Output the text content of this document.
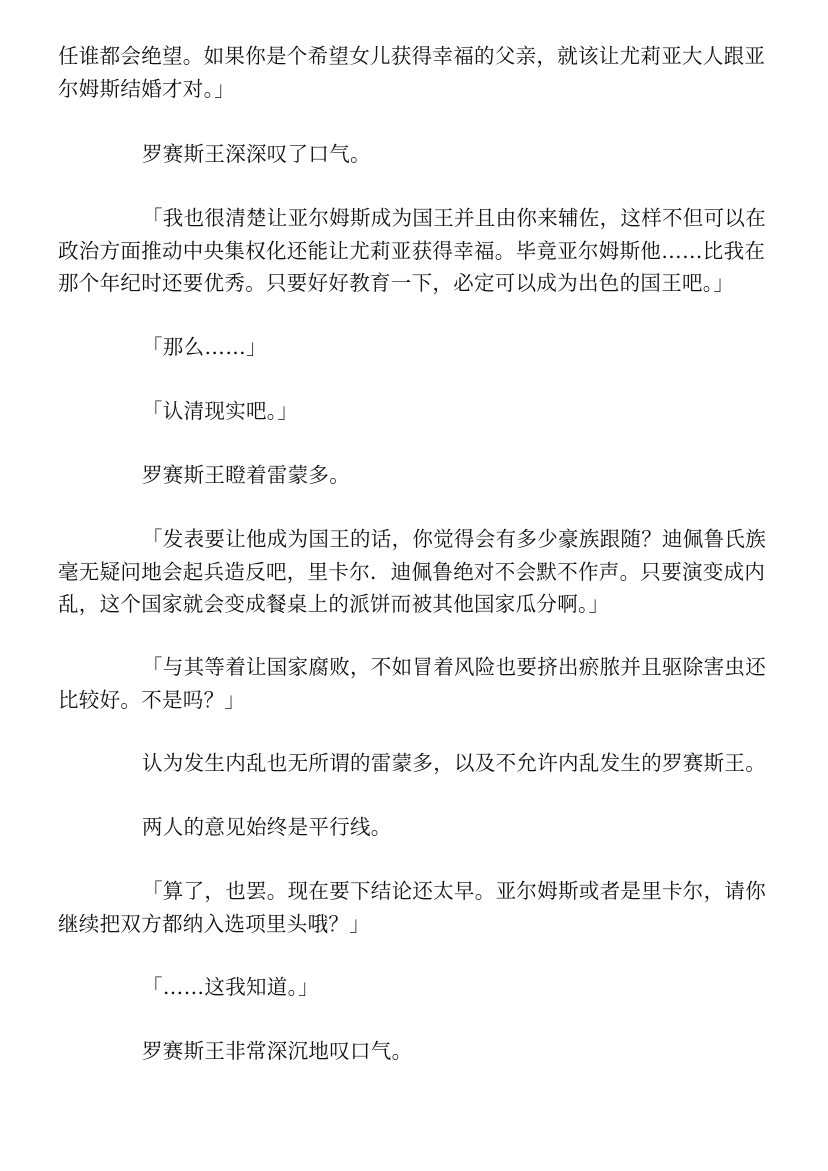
任谁都会绝望。如果你是个希望女儿获得幸福的父亲，就该让尤莉亚大人跟亚尔姆斯结婚才对。」

罗赛斯王深深叹了口气。

「我也很清楚让亚尔姆斯成为国王并且由你来辅佐，这样不但可以在政治方面推动中央集权化还能让尤莉亚获得幸福。毕竟亚尔姆斯他……比我在那个年纪时还要优秀。只要好好教育一下，必定可以成为出色的国王吧。」

「那么……」

「认清现实吧。」

罗赛斯王瞪着雷蒙多。

「发表要让他成为国王的话，你觉得会有多少豪族跟随？迪佩鲁氏族毫无疑问地会起兵造反吧，里卡尔．迪佩鲁绝对不会默不作声。只要演变成内乱，这个国家就会变成餐桌上的派饼而被其他国家瓜分啊。」

「与其等着让国家腐败，不如冒着风险也要挤出瘀脓并且驱除害虫还比较好。不是吗？」

认为发生内乱也无所谓的雷蒙多，以及不允许内乱发生的罗赛斯王。

两人的意见始终是平行线。

「算了，也罢。现在要下结论还太早。亚尔姆斯或者是里卡尔，请你继续把双方都纳入选项里头哦？」

「……这我知道。」

罗赛斯王非常深沉地叹口气。
